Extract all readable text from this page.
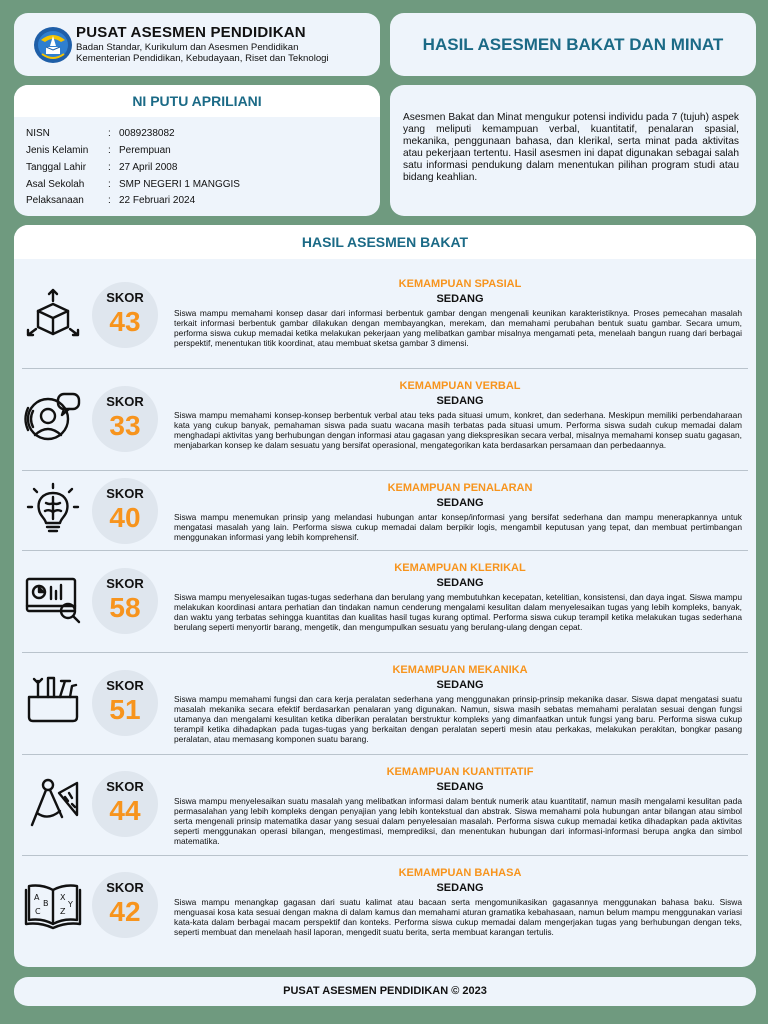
PUSAT ASESMEN PENDIDIKAN
Badan Standar, Kurikulum dan Asesmen Pendidikan
Kementerian Pendidikan, Kebudayaan, Riset dan Teknologi
HASIL ASESMEN BAKAT DAN MINAT
NI PUTU APRILIANI
NISN	: 0089238082
Jenis Kelamin	: Perempuan
Tanggal Lahir	: 27 April 2008
Asal Sekolah	: SMP NEGERI 1 MANGGIS
Pelaksanaan	: 22 Februari 2024
Asesmen Bakat dan Minat mengukur potensi individu pada 7 (tujuh) aspek yang meliputi kemampuan verbal, kuantitatif, penalaran spasial, mekanika, penggunaan bahasa, dan klerikal, serta minat pada aktivitas atau pekerjaan tertentu. Hasil asesmen ini dapat digunakan sebagai salah satu informasi pendukung dalam menentukan pilihan program studi atau bidang keahlian.
HASIL ASESMEN BAKAT
SKOR
43
KEMAMPUAN SPASIAL
SEDANG
Siswa mampu memahami konsep dasar dari informasi berbentuk gambar dengan mengenali keunikan karakteristiknya. Proses pemecahan masalah terkait informasi berbentuk gambar dilakukan dengan membayangkan, merekam, dan memahami perubahan bentuk suatu gambar. Secara umum, performa siswa cukup memadai ketika melakukan pekerjaan yang melibatkan gambar misalnya mengamati peta, menelaah bangun ruang dari berbagai perspektif, menentukan titik koordinat, atau membuat sketsa gambar 3 dimensi.
SKOR
33
KEMAMPUAN VERBAL
SEDANG
Siswa mampu memahami konsep-konsep berbentuk verbal atau teks pada situasi umum, konkret, dan sederhana. Meskipun memiliki perbendaharaan kata yang cukup banyak, pemahaman siswa pada suatu wacana masih terbatas pada situasi umum. Performa siswa sudah cukup memadai dalam menghadapi aktivitas yang berhubungan dengan informasi atau gagasan yang diekspresikan secara verbal, misalnya memahami konsep suatu gagasan, menjabarkan konsep ke dalam sesuatu yang bersifat operasional, mengategorikan kata berdasarkan persamaan dan perbedaannya.
SKOR
40
KEMAMPUAN PENALARAN
SEDANG
Siswa mampu menemukan prinsip yang melandasi hubungan antar konsep/informasi yang bersifat sederhana dan mampu menerapkannya untuk mengatasi masalah yang lain. Performa siswa cukup memadai dalam berpikir logis, mengambil keputusan yang tepat, dan membuat pertimbangan menggunakan informasi yang lebih komprehensif.
SKOR
58
KEMAMPUAN KLERIKAL
SEDANG
Siswa mampu menyelesaikan tugas-tugas sederhana dan berulang yang membutuhkan kecepatan, ketelitian, konsistensi, dan daya ingat. Siswa mampu melakukan koordinasi antara perhatian dan tindakan namun cenderung mengalami kesulitan dalam menyelesaikan tugas yang lebih kompleks, banyak, dan waktu yang terbatas sehingga kuantitas dan kualitas hasil tugas kurang optimal. Performa siswa cukup terampil ketika melakukan tugas sederhana berulang seperti menyortir barang, mengetik, dan mengumpulkan sesuatu yang berulang-ulang dengan cepat.
SKOR
51
KEMAMPUAN MEKANIKA
SEDANG
Siswa mampu memahami fungsi dan cara kerja peralatan sederhana yang menggunakan prinsip-prinsip mekanika dasar. Siswa dapat mengatasi suatu masalah mekanika secara efektif berdasarkan penalaran yang digunakan. Namun, siswa masih sebatas memahami peralatan sesuai dengan fungsi utamanya dan mengalami kesulitan ketika diberikan peralatan berstruktur kompleks yang dimanfaatkan untuk fungsi yang baru. Performa siswa cukup terampil ketika dihadapkan pada tugas-tugas yang berkaitan dengan peralatan seperti mesin atau perkakas, melakukan perakitan, bongkar pasang peralatan, atau memasang komponen suatu barang.
SKOR
44
KEMAMPUAN KUANTITATIF
SEDANG
Siswa mampu menyelesaikan suatu masalah yang melibatkan informasi dalam bentuk numerik atau kuantitatif, namun masih mengalami kesulitan pada permasalahan yang lebih kompleks dengan penyajian yang lebih kontekstual dan abstrak. Siswa memahami pola hubungan antar bilangan atau simbol serta mengenali prinsip matematika dasar yang sesuai dalam penyelesaian masalah. Performa siswa cukup memadai ketika dihadapkan pada aktivitas seperti menggunakan operasi bilangan, mengestimasi, memprediksi, dan menentukan hubungan dari informasi-informasi berupa angka dan simbol matematika.
A
B
C
X
Y
Z
SKOR
42
KEMAMPUAN BAHASA
SEDANG
Siswa mampu menangkap gagasan dari suatu kalimat atau bacaan serta mengomunikasikan gagasannya menggunakan bahasa baku. Siswa menguasai kosa kata sesuai dengan makna di dalam kamus dan memahami aturan gramatika kebahasaan, namun belum mampu menggunakan variasi kata-kata dalam berbagai macam perspektif dan konteks. Performa siswa cukup memadai dalam mengerjakan tugas yang berhubungan dengan teks, seperti membuat dan menelaah hasil laporan, mengedit suatu berita, serta membuat karangan tertulis.
PUSAT ASESMEN PENDIDIKAN © 2023
